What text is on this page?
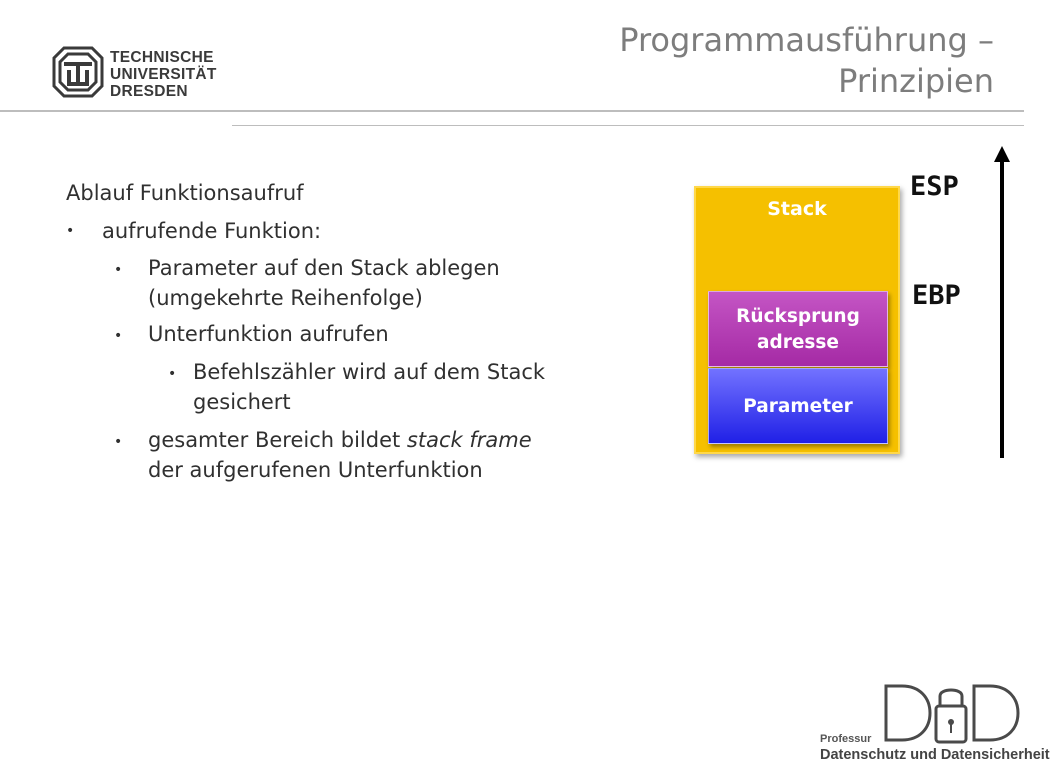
TECHNISCHE
UNIVERSITÄT
DRESDEN
Programmausführung –
Prinzipien
Ablauf Funktionsaufruf
• aufrufende Funktion:
• Parameter auf den Stack ablegen
(umgekehrte Reihenfolge)
• Unterfunktion aufrufen
• Befehlszähler wird auf dem Stack
gesichert
• gesamter Bereich bildet stack frame
der aufgerufenen Unterfunktion
Stack
Rücksprung
adresse
Parameter
ESP
EBP
Professur
Datenschutz und Datensicherheit
